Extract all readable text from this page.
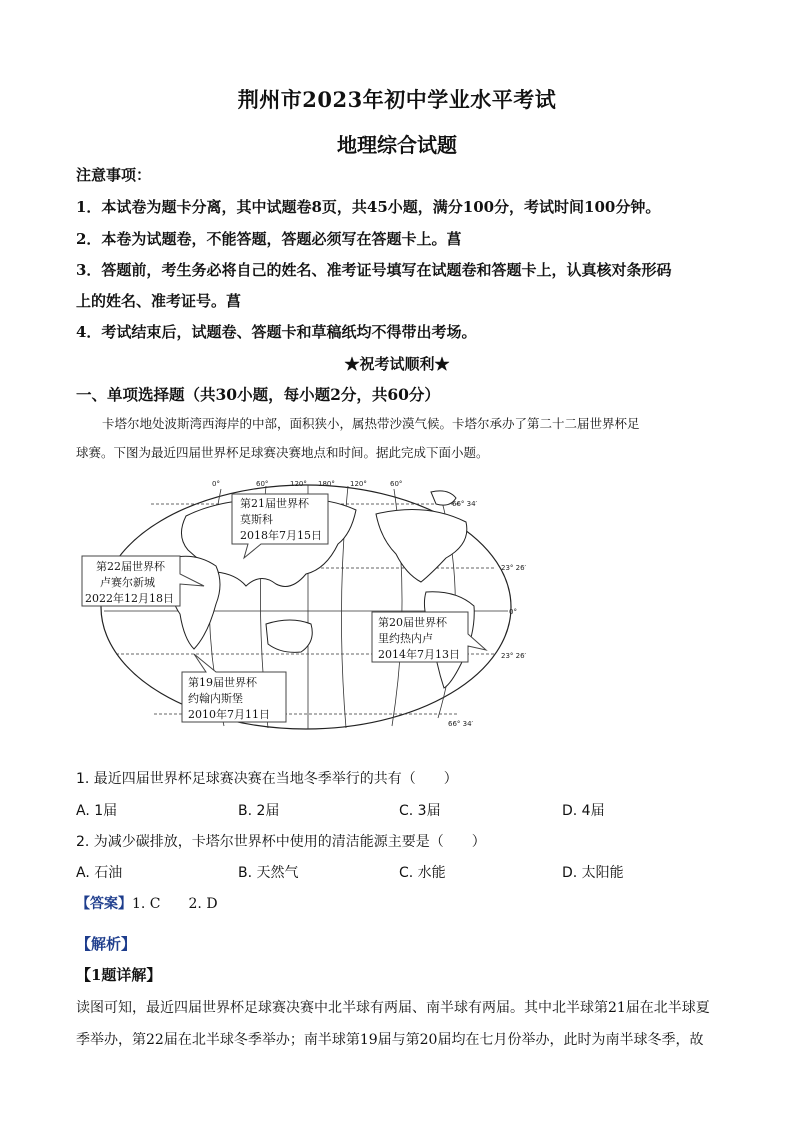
荆州市2023年初中学业水平考试
地理综合试题
注意事项：
1．本试卷为题卡分离，其中试题卷8页，共45小题，满分100分，考试时间100分钟。
2．本卷为试题卷，不能答题，答题必须写在答题卡上。菖
3．答题前，考生务必将自己的姓名、准考证号填写在试题卷和答题卡上，认真核对条形码
上的姓名、准考证号。菖
4．考试结束后，试题卷、答题卡和草稿纸均不得带出考场。
★祝考试顺利★
一、单项选择题（共30小题，每小题2分，共60分）
卡塔尔地处波斯湾西海岸的中部，面积狭小，属热带沙漠气候。卡塔尔承办了第二十二届世界杯足
球赛。下图为最近四届世界杯足球赛决赛地点和时间。据此完成下面小题。
0°	60°	120° 180° 120°	60°
66° 34′
23° 26′
0°
23° 26′
66° 34′
第21届世界杯
莫斯科
2018年7月15日
第22届世界杯
卢赛尔新城
2022年12月18日
第20届世界杯
里约热内卢
2014年7月13日
第19届世界杯
约翰内斯堡
2010年7月11日
1. 最近四届世界杯足球赛决赛在当地冬季举行的共有（　　）
A. 1届	B. 2届	C. 3届	D. 4届
2. 为减少碳排放，卡塔尔世界杯中使用的清洁能源主要是（　　）
A. 石油	B. 天然气	C. 水能	D. 太阳能
【答案】1. C　　2. D
【解析】
【1题详解】
读图可知，最近四届世界杯足球赛决赛中北半球有两届、南半球有两届。其中北半球第21届在北半球夏
季举办，第22届在北半球冬季举办；南半球第19届与第20届均在七月份举办，此时为南半球冬季，故
